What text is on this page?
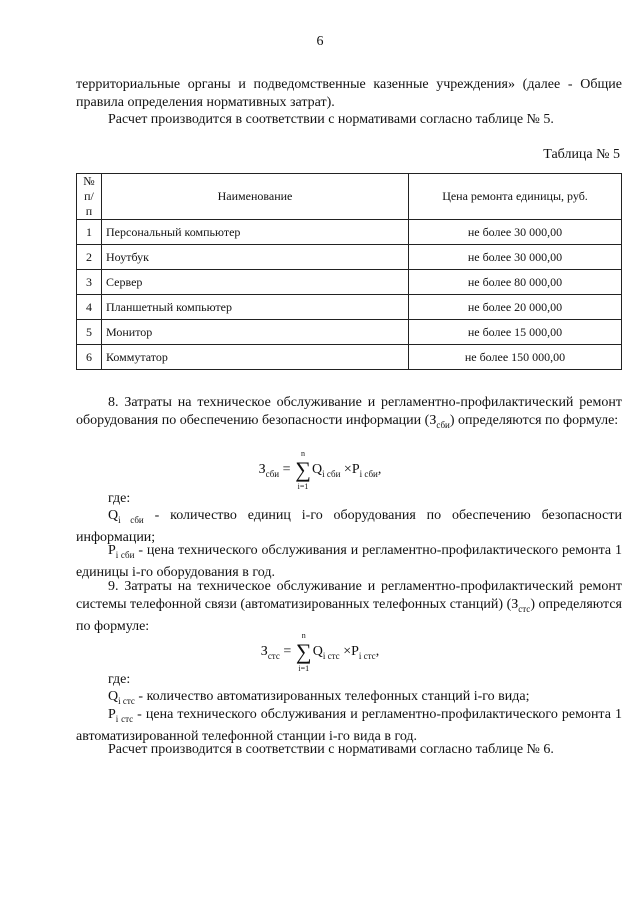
6
территориальные органы и подведомственные казенные учреждения» (далее - Общие правила определения нормативных затрат).
Расчет производится в соответствии с нормативами согласно таблице № 5.
Таблица № 5
№ п/п	Наименование	Цена ремонта единицы, руб.
1	Персональный компьютер	не более 30 000,00
2	Ноутбук	не более 30 000,00
3	Сервер	не более 80 000,00
4	Планшетный компьютер	не более 20 000,00
5	Монитор	не более 15 000,00
6	Коммутатор	не более 150 000,00
8. Затраты на техническое обслуживание и регламентно-профилактический ремонт оборудования по обеспечению безопасности информации $(З_{сби})$ определяются по формуле:
$З_{сби}$ =
n
∑
i=1
$Q_{i сби} \times P_{i сби}$,
где:
$Q_{i сби}$ - количество единиц i-го оборудования по обеспечению безопасности информации;
$P_{i сби}$ - цена технического обслуживания и регламентно-профилактического ремонта 1 единицы i-го оборудования в год.
9. Затраты на техническое обслуживание и регламентно-профилактический ремонт системы телефонной связи (автоматизированных телефонных станций) $(З_{стс})$ определяются по формуле:
$З_{стс}$ =
n
∑
i=1
$Q_{i стс} \times P_{i стс}$,
где:
$Q_{i стс}$ - количество автоматизированных телефонных станций i-го вида;
$P_{i стс}$ - цена технического обслуживания и регламентно-профилактического ремонта 1 автоматизированной телефонной станции i-го вида в год.
Расчет производится в соответствии с нормативами согласно таблице № 6.
